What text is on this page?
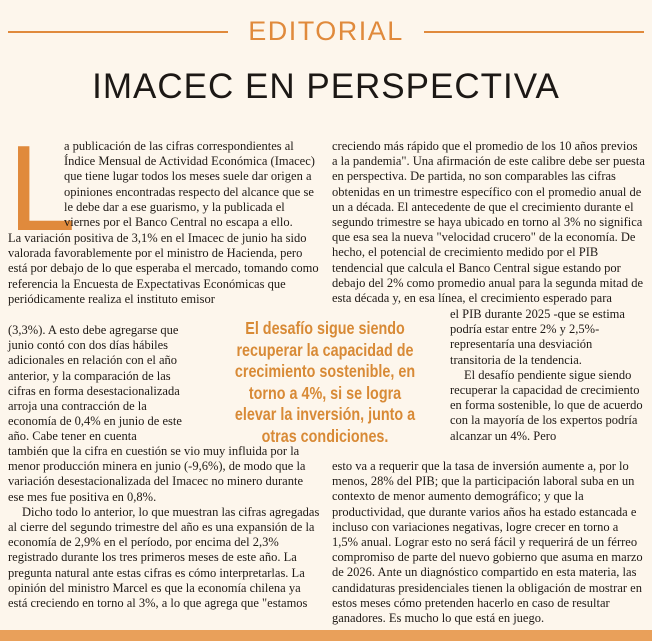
EDITORIAL
IMACEC EN PERSPECTIVA
L

a publicación de las cifras correspondientes al Índice Mensual de Actividad Económica (Imacec) que tiene lugar todos los meses suele dar origen a opiniones encontradas respecto del alcance que se le debe dar a ese guarismo, y la publicada el viernes por el Banco Central no escapa a ello.

La variación positiva de 3,1% en el Imacec de junio ha sido valorada favorablemente por el ministro de Hacienda, pero está por debajo de lo que esperaba el mercado, tomando como referencia la Encuesta de Expectativas Económicas que periódicamente realiza el instituto emisor

(3,3%). A esto debe agregarse que junio contó con dos días hábiles adicionales en relación con el año anterior, y la comparación de las cifras en forma desestacionalizada arroja una contracción de la economía de 0,4% en junio de este año. Cabe tener en cuenta

también que la cifra en cuestión se vio muy influida por la menor producción minera en junio (-9,6%), de modo que la variación desestacionalizada del Imacec no minero durante ese mes fue positiva en 0,8%.

Dicho todo lo anterior, lo que muestran las cifras agregadas al cierre del segundo trimestre del año es una expansión de la economía de 2,9% en el período, por encima del 2,3% registrado durante los tres primeros meses de este año. La pregunta natural ante estas cifras es cómo interpretarlas. La opinión del ministro Marcel es que la economía chilena ya está creciendo en torno al 3%, a lo que agrega que "estamos

creciendo más rápido que el promedio de los 10 años previos a la pandemia". Una afirmación de este calibre debe ser puesta en perspectiva. De partida, no son comparables las cifras obtenidas en un trimestre específico con el promedio anual de un a década. El antecedente de que el crecimiento durante el segundo trimestre se haya ubicado en torno al 3% no significa que esa sea la nueva "velocidad crucero" de la economía. De hecho, el potencial de crecimiento medido por el PIB tendencial que calcula el Banco Central sigue estando por debajo del 2% como promedio anual para la segunda mitad de esta década y, en esa línea, el crecimiento esperado para

el PIB durante 2025 -que se estima podría estar entre 2% y 2,5%- representaría una desviación transitoria de la tendencia.

El desafío pendiente sigue siendo recuperar la capacidad de crecimiento en forma sostenible, lo que de acuerdo con la mayoría de los expertos podría alcanzar un 4%. Pero

esto va a requerir que la tasa de inversión aumente a, por lo menos, 28% del PIB; que la participación laboral suba en un contexto de menor aumento demográfico; y que la productividad, que durante varios años ha estado estancada e incluso con variaciones negativas, logre crecer en torno a 1,5% anual. Lograr esto no será fácil y requerirá de un férreo compromiso de parte del nuevo gobierno que asuma en marzo de 2026. Ante un diagnóstico compartido en esta materia, las candidaturas presidenciales tienen la obligación de mostrar en estos meses cómo pretenden hacerlo en caso de resultar ganadores. Es mucho lo que está en juego.

El desafío sigue siendo recuperar la capacidad de crecimiento sostenible, en torno a 4%, si se logra elevar la inversión, junto a otras condiciones.
